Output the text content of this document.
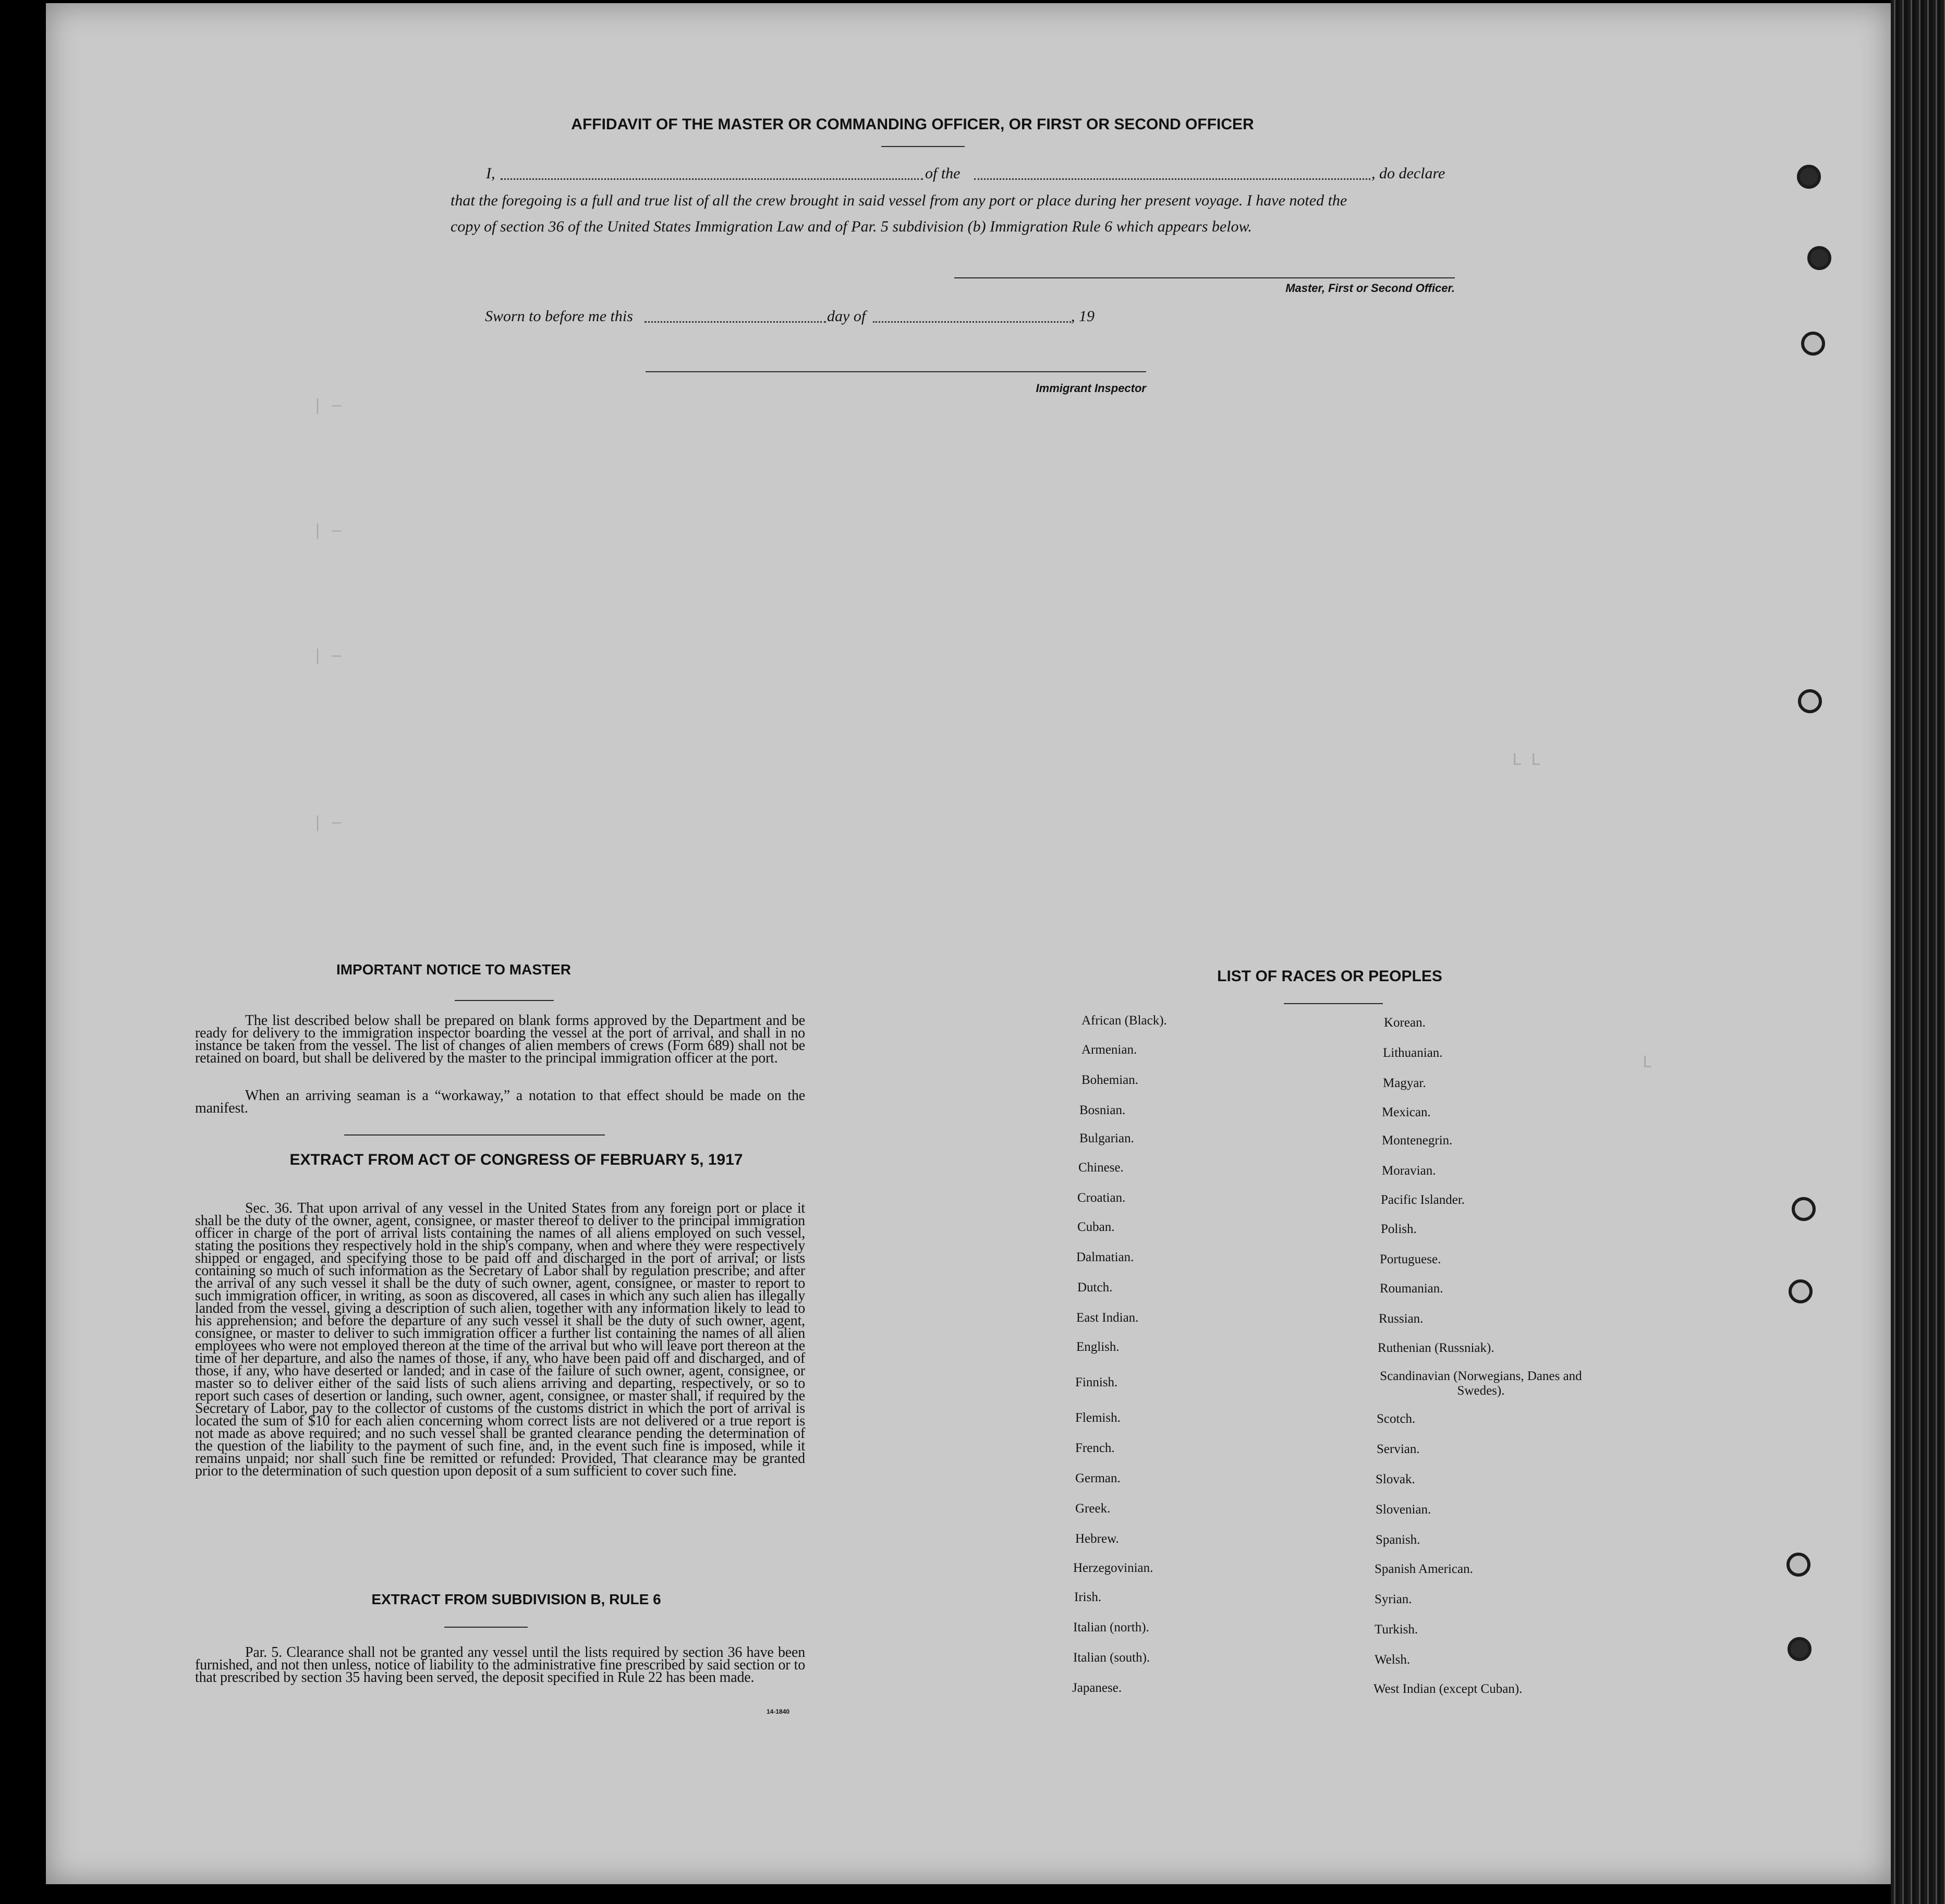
| —
| —
| —
| —
L L
L
AFFIDAVIT OF THE MASTER OR COMMANDING OFFICER, OR FIRST OR SECOND OFFICER
I,	of the	, do declare
that the foregoing is a full and true list of all the crew brought in said vessel from any port or place during her present voyage. I have noted the
copy of section 36 of the United States Immigration Law and of Par. 5 subdivision (b) Immigration Rule 6 which appears below.
Master, First or Second Officer.
Sworn to before me this	day of	, 19
Immigrant Inspector
IMPORTANT NOTICE TO MASTER
The list described below shall be prepared on blank forms approved by the Department and be ready for delivery to the immigration inspector boarding the vessel at the port of arrival, and shall in no instance be taken from the vessel. The list of changes of alien members of crews (Form 689) shall not be retained on board, but shall be delivered by the master to the principal immigration officer at the port.
When an arriving seaman is a “workaway,” a notation to that effect should be made on the manifest.
EXTRACT FROM ACT OF CONGRESS OF FEBRUARY 5, 1917
Sec. 36. That upon arrival of any vessel in the United States from any foreign port or place it shall be the duty of the owner, agent, consignee, or master thereof to deliver to the principal immigration officer in charge of the port of arrival lists containing the names of all aliens employed on such vessel, stating the positions they respectively hold in the ship's company, when and where they were respectively shipped or engaged, and specifying those to be paid off and discharged in the port of arrival; or lists containing so much of such information as the Secretary of Labor shall by regulation prescribe; and after the arrival of any such vessel it shall be the duty of such owner, agent, consignee, or master to report to such immigration officer, in writing, as soon as discovered, all cases in which any such alien has illegally landed from the vessel, giving a description of such alien, together with any information likely to lead to his apprehension; and before the departure of any such vessel it shall be the duty of such owner, agent, consignee, or master to deliver to such immigration officer a further list containing the names of all alien employees who were not employed thereon at the time of the arrival but who will leave port thereon at the time of her departure, and also the names of those, if any, who have been paid off and discharged, and of those, if any, who have deserted or landed; and in case of the failure of such owner, agent, consignee, or master so to deliver either of the said lists of such aliens arriving and departing, respectively, or so to report such cases of desertion or landing, such owner, agent, consignee, or master shall, if required by the Secretary of Labor, pay to the collector of customs of the customs district in which the port of arrival is located the sum of $10 for each alien concerning whom correct lists are not delivered or a true report is not made as above required; and no such vessel shall be granted clearance pending the determination of the question of the liability to the payment of such fine, and, in the event such fine is imposed, while it remains unpaid; nor shall such fine be remitted or refunded: Provided, That clearance may be granted prior to the determination of such question upon deposit of a sum sufficient to cover such fine.
EXTRACT FROM SUBDIVISION B, RULE 6
Par. 5. Clearance shall not be granted any vessel until the lists required by section 36 have been furnished, and not then unless, notice of liability to the administrative fine prescribed by said section or to that prescribed by section 35 having been served, the deposit specified in Rule 22 has been made.
14-1840
LIST OF RACES OR PEOPLES
African (Black).
Armenian.
Bohemian.
Bosnian.
Bulgarian.
Chinese.
Croatian.
Cuban.
Dalmatian.
Dutch.
East Indian.
English.
Finnish.
Flemish.
French.
German.
Greek.
Hebrew.
Herzegovinian.
Irish.
Italian (north).
Italian (south).
Japanese.
Korean.
Lithuanian.
Magyar.
Mexican.
Montenegrin.
Moravian.
Pacific Islander.
Polish.
Portuguese.
Roumanian.
Russian.
Ruthenian (Russniak).
Scandinavian (Norwegians, Danes and Swedes).
Scotch.
Servian.
Slovak.
Slovenian.
Spanish.
Spanish American.
Syrian.
Turkish.
Welsh.
West Indian (except Cuban).
